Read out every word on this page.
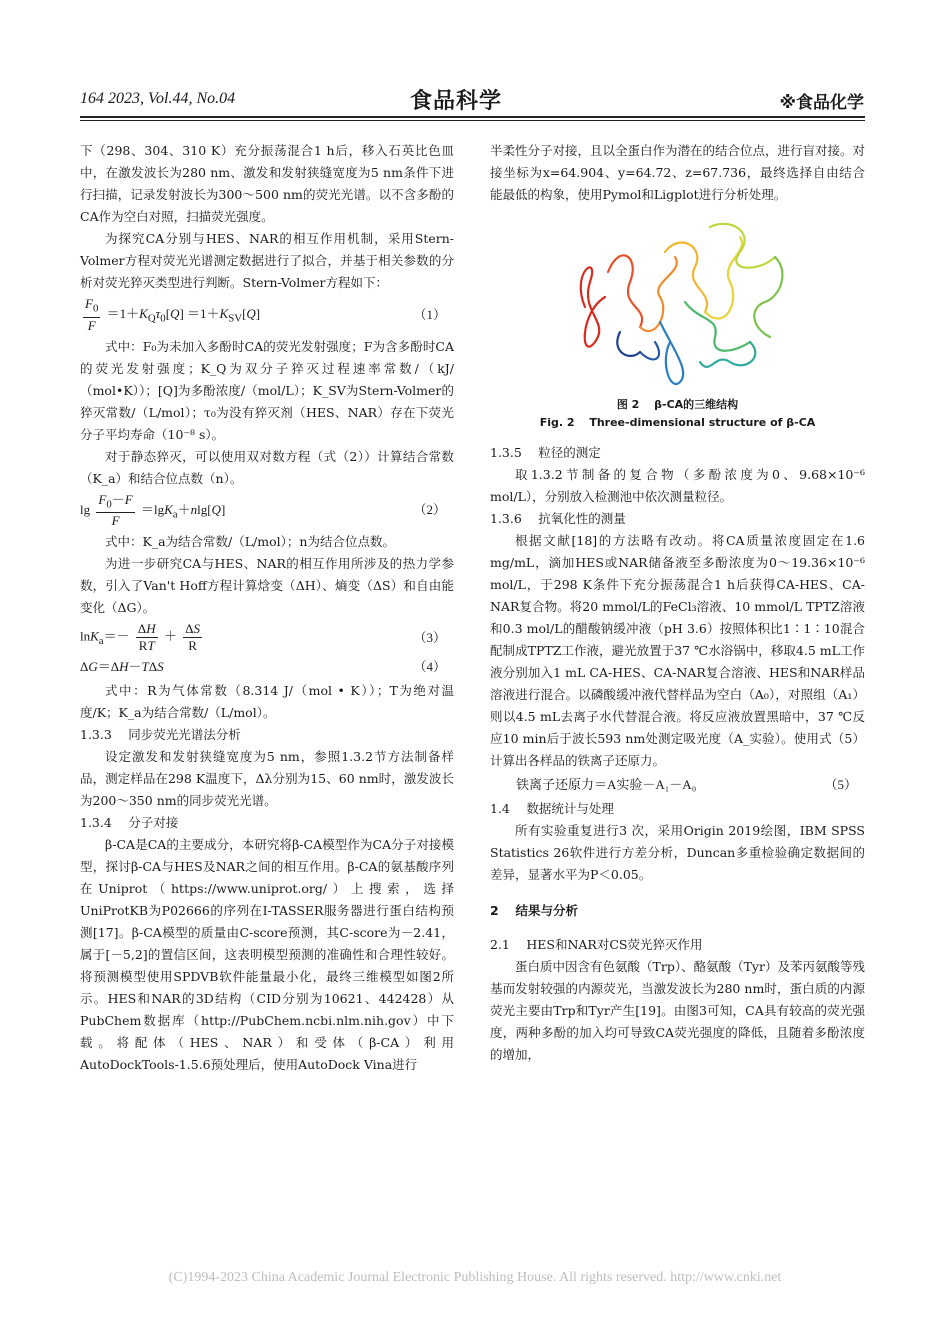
164 2023, Vol.44, No.04	食品科学	※食品化学

下（298、304、310 K）充分振荡混合1 h后，移入石英比色皿中，在激发波长为280 nm、激发和发射狭缝宽度为5 nm条件下进行扫描，记录发射波长为300～500 nm的荧光光谱。以不含多酚的CA作为空白对照，扫描荧光强度。

为探究CA分别与HES、NAR的相互作用机制，采用Stern-Volmer方程对荧光光谱测定数据进行了拟合，并基于相关参数的分析对荧光猝灭类型进行判断。Stern-Volmer方程如下：

$\frac{F_0}{F} =1+K_Q\tau_0[Q] =1+K_{SV}[Q]$	（1）

式中：F₀为未加入多酚时CA的荧光发射强度；F为含多酚时CA的荧光发射强度；K_Q为双分子猝灭过程速率常数/（kJ/（mol•K））；[Q]为多酚浓度/（mol/L）；K_SV为Stern-Volmer的猝灭常数/（L/mol）；τ₀为没有猝灭剂（HES、NAR）存在下荧光分子平均寿命（10⁻⁸ s）。

对于静态猝灭，可以使用双对数方程（式（2））计算结合常数（K_a）和结合位点数（n）。

$\lg \frac{F_0-F}{F} =\lg K_a+nlg[Q]$	（2）

式中：K_a为结合常数/（L/mol）；n为结合位点数。

为进一步研究CA与HES、NAR的相互作用所涉及的热力学参数，引入了Van't Hoff方程计算焓变（ΔH）、熵变（ΔS）和自由能变化（ΔG）。

$\ln K_a=- \frac{\Delta H}{RT} + \frac{\Delta S}{R}$	（3）
ΔG＝ΔH－TΔS	（4）

式中：R为气体常数（8.314 J/（mol • K））；T为绝对温度/K；K_a为结合常数/（L/mol）。

1.3.3　 同步荧光光谱法分析

设定激发和发射狭缝宽度为5 nm，参照1.3.2节方法制备样品，测定样品在298 K温度下，Δλ分别为15、60 nm时，激发波长为200～350 nm的同步荧光光谱。

1.3.4　 分子对接

β-CA是CA的主要成分，本研究将β-CA模型作为CA分子对接模型，探讨β-CA与HES及NAR之间的相互作用。β-CA的氨基酸序列在Uniprot（https://www.uniprot.org/）上搜索，选择UniProtKB为P02666的序列在I-TASSER服务器进行蛋白结构预测[17]。β-CA模型的质量由C-score预测，其C-score为－2.41，属于[－5,2]的置信区间，这表明模型预测的准确性和合理性较好。将预测模型使用SPDVB软件能量最小化，最终三维模型如图2所示。HES和NAR的3D结构（CID分别为10621、442428）从PubChem数据库（http://PubChem.ncbi.nlm.nih.gov）中下载。将配体（HES、NAR）和受体（β-CA）利用AutoDockTools-1.5.6预处理后，使用AutoDock Vina进行

半柔性分子对接，且以全蛋白作为潜在的结合位点，进行盲对接。对接坐标为x=64.904、y=64.72、z=67.736，最终选择自由结合能最低的构象，使用Pymol和Ligplot进行分析处理。

图 2　 β-CA的三维结构
Fig. 2　 Three-dimensional structure of β-CA

1.3.5　 粒径的测定

取1.3.2节制备的复合物（多酚浓度为0、9.68×10⁻⁶ mol/L），分别放入检测池中依次测量粒径。

1.3.6　 抗氧化性的测量

根据文献[18]的方法略有改动。将CA质量浓度固定在1.6 mg/mL，滴加HES或NAR储备液至多酚浓度为0～19.36×10⁻⁶ mol/L，于298 K条件下充分振荡混合1 h后获得CA-HES、CA-NAR复合物。将20 mmol/L的FeCl₃溶液、10 mmol/L TPTZ溶液和0.3 mol/L的醋酸钠缓冲液（pH 3.6）按照体积比1∶1∶10混合配制成TPTZ工作液，避光放置于37 ℃水浴锅中，移取4.5 mL工作液分别加入1 mL CA-HES、CA-NAR复合溶液、HES和NAR样品溶液进行混合。以磷酸缓冲液代替样品为空白（A₀），对照组（A₁）则以4.5 mL去离子水代替混合液。将反应液放置黑暗中，37 ℃反应10 min后于波长593 nm处测定吸光度（A_实验）。使用式（5）计算出各样品的铁离子还原力。

铁离子还原力＝A实验－A₁－A₀	（5）

1.4　 数据统计与处理

所有实验重复进行3 次，采用Origin 2019绘图，IBM SPSS Statistics 26软件进行方差分析，Duncan多重检验确定数据间的差异，显著水平为P＜0.05。

2　 结果与分析

2.1　 HES和NAR对CS荧光猝灭作用

蛋白质中因含有色氨酸（Trp）、酪氨酸（Tyr）及苯丙氨酸等残基而发射较强的内源荧光，当激发波长为280 nm时，蛋白质的内源荧光主要由Trp和Tyr产生[19]。由图3可知，CA具有较高的荧光强度，两种多酚的加入均可导致CA荧光强度的降低，且随着多酚浓度的增加，

(C)1994-2023 China Academic Journal Electronic Publishing House. All rights reserved. http://www.cnki.net
